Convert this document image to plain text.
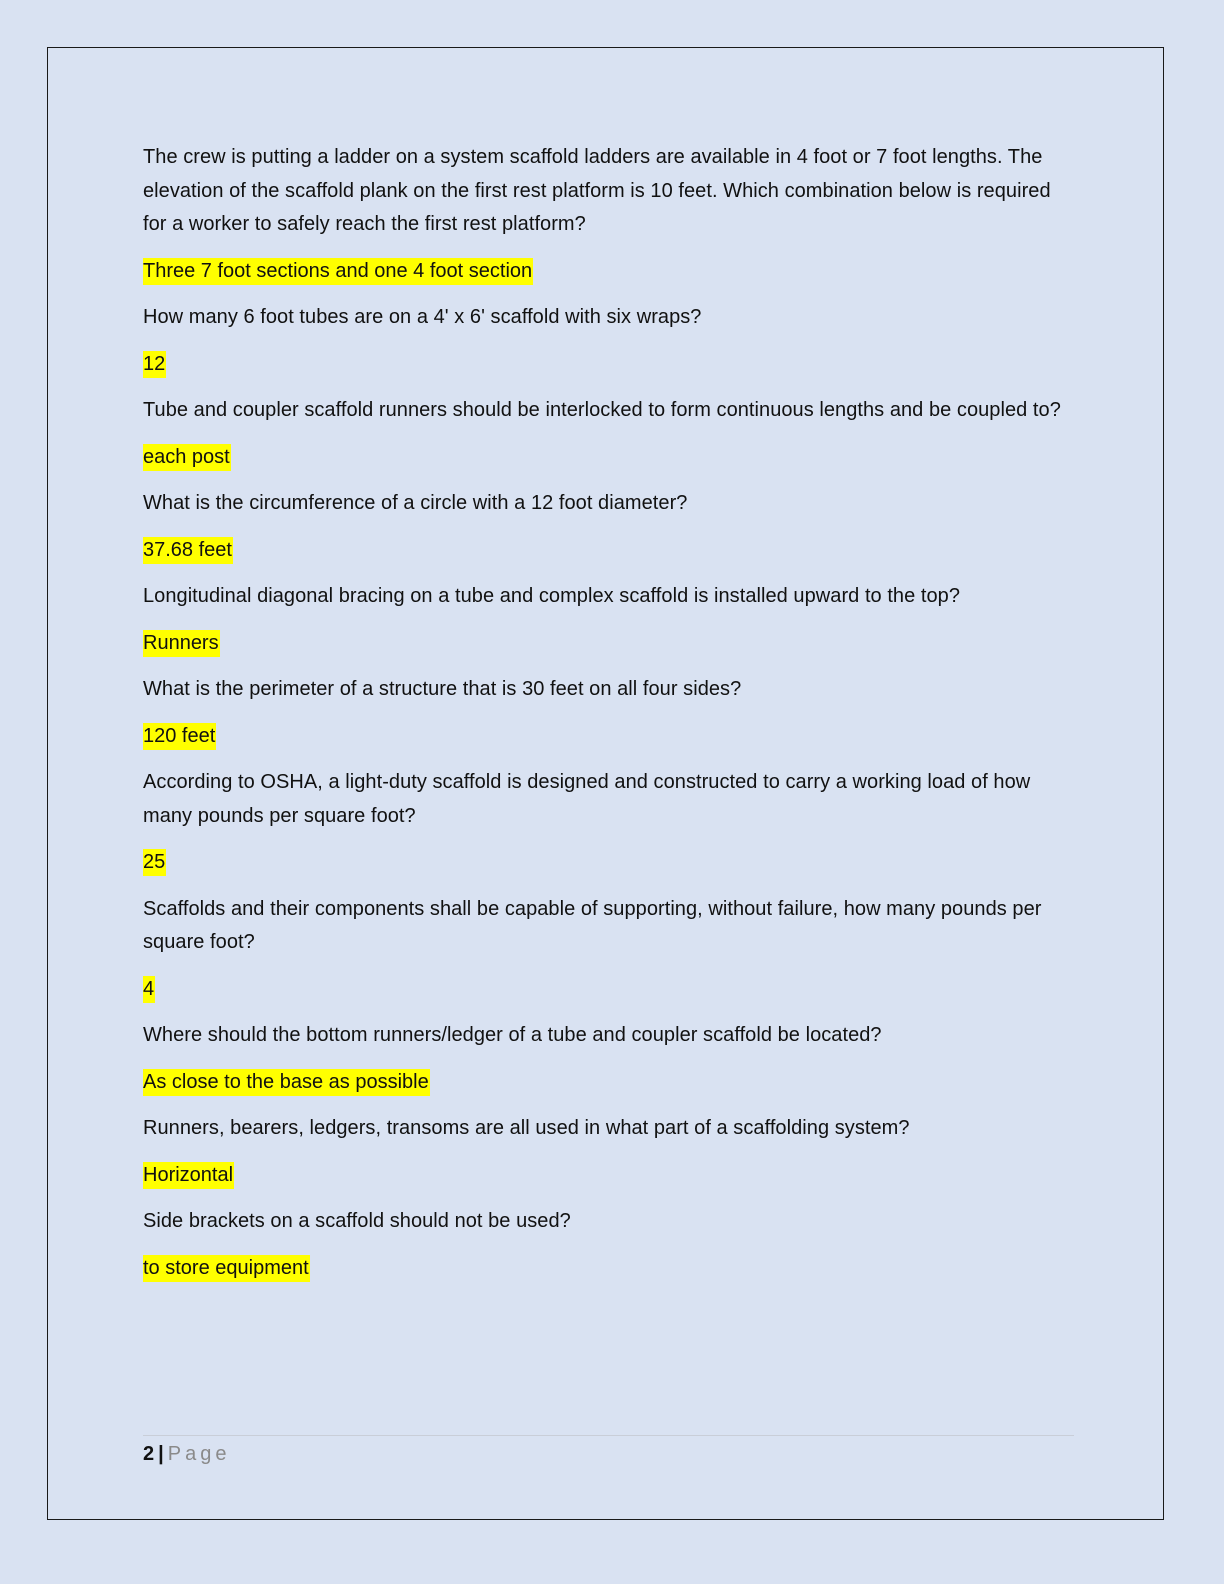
The crew is putting a ladder on a system scaffold ladders are available in 4 foot or 7 foot lengths. The elevation of the scaffold plank on the first rest platform is 10 feet. Which combination below is required for a worker to safely reach the first rest platform?

Three 7 foot sections and one 4 foot section

How many 6 foot tubes are on a 4' x 6' scaffold with six wraps?

12

Tube and coupler scaffold runners should be interlocked to form continuous lengths and be coupled to?

each post

What is the circumference of a circle with a 12 foot diameter?

37.68 feet

Longitudinal diagonal bracing on a tube and complex scaffold is installed upward to the top?

Runners

What is the perimeter of a structure that is 30 feet on all four sides?

120 feet

According to OSHA, a light-duty scaffold is designed and constructed to carry a working load of how many pounds per square foot?

25

Scaffolds and their components shall be capable of supporting, without failure, how many pounds per square foot?

4

Where should the bottom runners/ledger of a tube and coupler scaffold be located?

As close to the base as possible

Runners, bearers, ledgers, transoms are all used in what part of a scaffolding system?

Horizontal

Side brackets on a scaffold should not be used?

to store equipment

2 | Page
